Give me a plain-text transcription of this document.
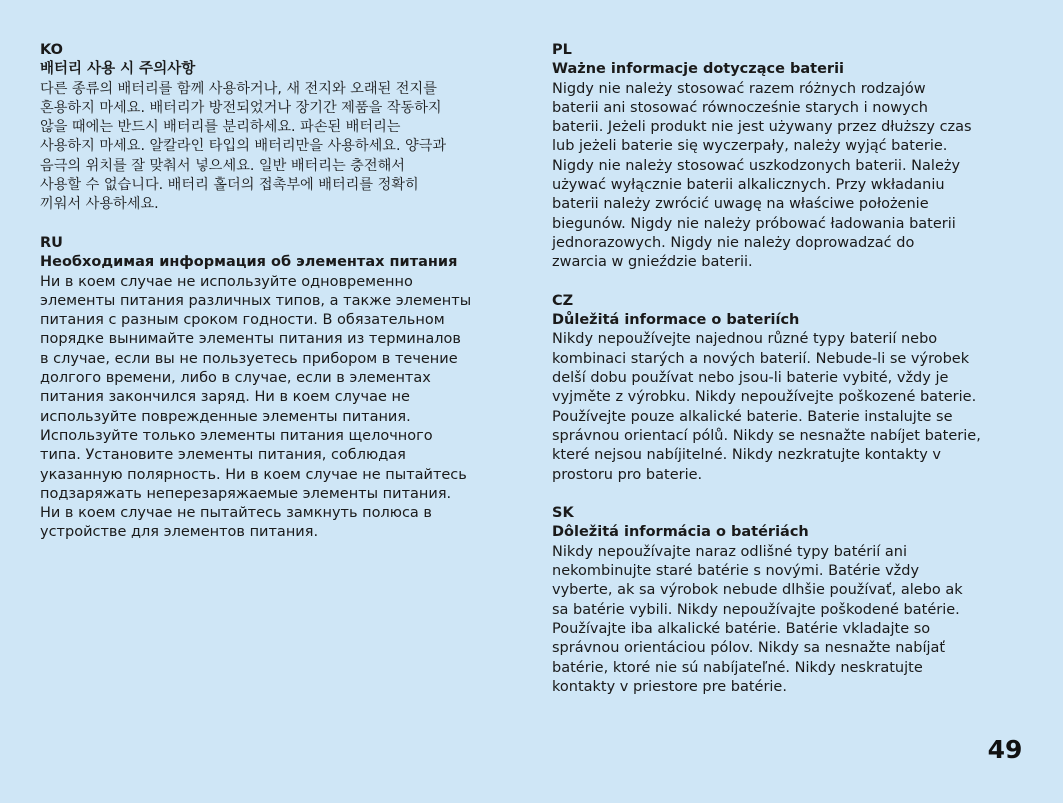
KO

배터리 사용 시 주의사항

다른 종류의 배터리를 함께 사용하거나, 새 전지와 오래된 전지를
혼용하지 마세요. 배터리가 방전되었거나 장기간 제품을 작동하지
않을 때에는 반드시 배터리를 분리하세요. 파손된 배터리는
사용하지 마세요. 알칼라인 타입의 배터리만을 사용하세요. 양극과
음극의 위치를 잘 맞춰서 넣으세요. 일반 배터리는 충전해서
사용할 수 없습니다. 배터리 홀더의 접촉부에 배터리를 정확히
끼워서 사용하세요.

RU

Необходимая информация об элементах питания

Ни в коем случае не используйте одновременно
элементы питания различных типов, а также элементы
питания с разным сроком годности. В обязательном
порядке вынимайте элементы питания из терминалов
в случае, если вы не пользуетесь прибором в течение
долгого времени, либо в случае, если в элементах
питания закончился заряд. Ни в коем случае не
используйте поврежденные элементы питания.
Используйте только элементы питания щелочного
типа. Установите элементы питания, соблюдая
указанную полярность. Ни в коем случае не пытайтесь
подзаряжать неперезаряжаемые элементы питания.
Ни в коем случае не пытайтесь замкнуть полюса в
устройстве для элементов питания.

PL

Ważne informacje dotyczące baterii

Nigdy nie należy stosować razem różnych rodzajów
baterii ani stosować równocześnie starych i nowych
baterii. Jeżeli produkt nie jest używany przez dłuższy czas
lub jeżeli baterie się wyczerpały, należy wyjąć baterie.
Nigdy nie należy stosować uszkodzonych baterii. Należy
używać wyłącznie baterii alkalicznych. Przy wkładaniu
baterii należy zwrócić uwagę na właściwe położenie
biegunów. Nigdy nie należy próbować ładowania baterii
jednorazowych. Nigdy nie należy doprowadzać do
zwarcia w gnieździe baterii.

CZ

Důležitá informace o bateriích

Nikdy nepoužívejte najednou různé typy baterií nebo
kombinaci starých a nových baterií. Nebude-li se výrobek
delší dobu používat nebo jsou-li baterie vybité, vždy je
vyjměte z výrobku. Nikdy nepoužívejte poškozené baterie.
Používejte pouze alkalické baterie. Baterie instalujte se
správnou orientací pólů. Nikdy se nesnažte nabíjet baterie,
které nejsou nabíjitelné. Nikdy nezkratujte kontakty v
prostoru pro baterie.

SK

Dôležitá informácia o batériách

Nikdy nepoužívajte naraz odlišné typy batérií ani
nekombinujte staré batérie s novými. Batérie vždy
vyberte, ak sa výrobok nebude dlhšie používať, alebo ak
sa batérie vybili. Nikdy nepoužívajte poškodené batérie.
Používajte iba alkalické batérie. Batérie vkladajte so
správnou orientáciou pólov. Nikdy sa nesnažte nabíjať
batérie, ktoré nie sú nabíjateľné. Nikdy neskratujte
kontakty v priestore pre batérie.
49
